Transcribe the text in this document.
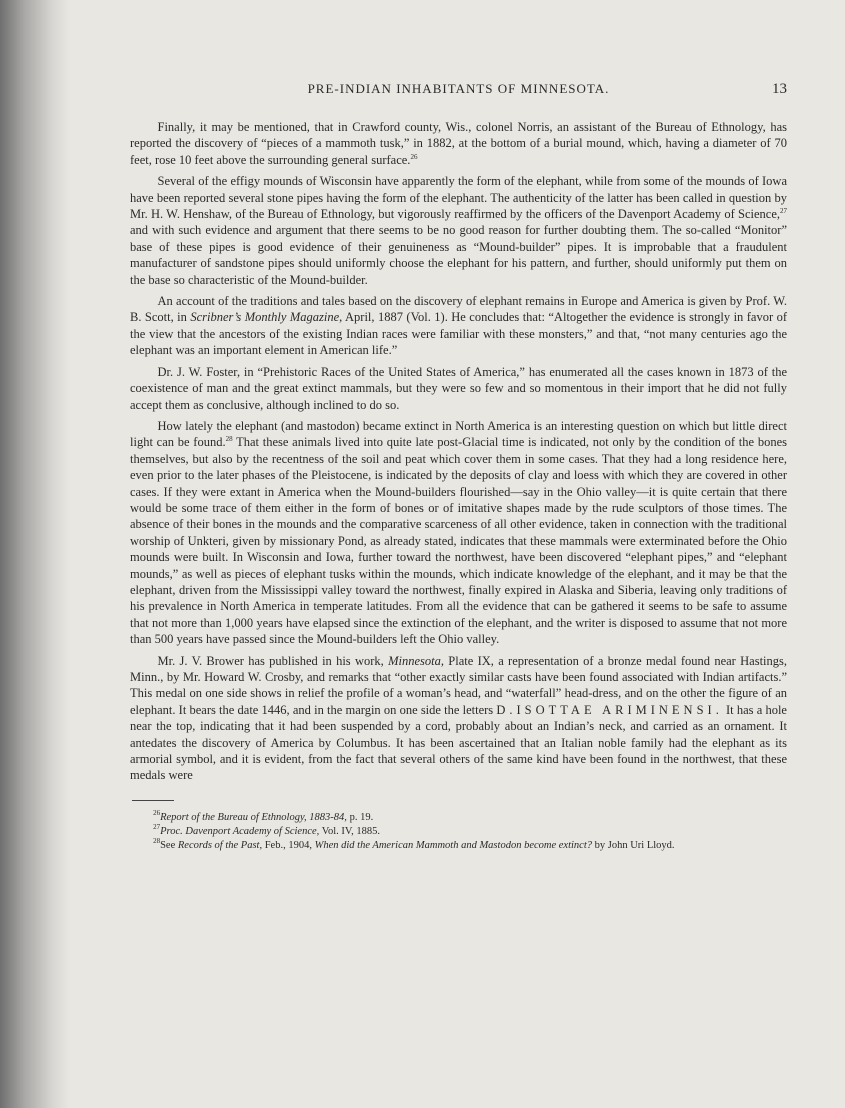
PRE-INDIAN INHABITANTS OF MINNESOTA.	13

Finally, it may be mentioned, that in Crawford county, Wis., colonel Norris, an assistant of the Bureau of Ethnology, has reported the discovery of “pieces of a mammoth tusk,” in 1882, at the bottom of a burial mound, which, having a diameter of 70 feet, rose 10 feet above the surrounding general surface.$^{26}$

Several of the effigy mounds of Wisconsin have apparently the form of the elephant, while from some of the mounds of Iowa have been reported several stone pipes having the form of the elephant. The authenticity of the latter has been called in question by Mr. H. W. Henshaw, of the Bureau of Ethnology, but vigorously reaffirmed by the officers of the Davenport Academy of Science,$^{27}$ and with such evidence and argument that there seems to be no good reason for further doubting them. The so-called “Monitor” base of these pipes is good evidence of their genuineness as “Mound-builder” pipes. It is improbable that a fraudulent manufacturer of sandstone pipes should uniformly choose the elephant for his pattern, and further, should uniformly put them on the base so characteristic of the Mound-builder.

An account of the traditions and tales based on the discovery of elephant remains in Europe and America is given by Prof. W. B. Scott, in Scribner’s Monthly Magazine, April, 1887 (Vol. 1). He concludes that: “Altogether the evidence is strongly in favor of the view that the ancestors of the existing Indian races were familiar with these monsters,” and that, “not many centuries ago the elephant was an important element in American life.”

Dr. J. W. Foster, in “Prehistoric Races of the United States of America,” has enumerated all the cases known in 1873 of the coexistence of man and the great extinct mammals, but they were so few and so momentous in their import that he did not fully accept them as conclusive, although inclined to do so.

How lately the elephant (and mastodon) became extinct in North America is an interesting question on which but little direct light can be found.$^{28}$ That these animals lived into quite late post-Glacial time is indicated, not only by the condition of the bones themselves, but also by the recentness of the soil and peat which cover them in some cases. That they had a long residence here, even prior to the later phases of the Pleistocene, is indicated by the deposits of clay and loess with which they are covered in other cases. If they were extant in America when the Mound-builders flourished—say in the Ohio valley—it is quite certain that there would be some trace of them either in the form of bones or of imitative shapes made by the rude sculptors of those times. The absence of their bones in the mounds and the comparative scarceness of all other evidence, taken in connection with the traditional worship of Unkteri, given by missionary Pond, as already stated, indicates that these mammals were exterminated before the Ohio mounds were built. In Wisconsin and Iowa, further toward the northwest, have been discovered “elephant pipes,” and “elephant mounds,” as well as pieces of elephant tusks within the mounds, which indicate knowledge of the elephant, and it may be that the elephant, driven from the Mississippi valley toward the northwest, finally expired in Alaska and Siberia, leaving only traditions of his prevalence in North America in temperate latitudes. From all the evidence that can be gathered it seems to be safe to assume that not more than 1,000 years have elapsed since the extinction of the elephant, and the writer is disposed to assume that not more than 500 years have passed since the Mound-builders left the Ohio valley.

Mr. J. V. Brower has published in his work, Minnesota, Plate IX, a representation of a bronze medal found near Hastings, Minn., by Mr. Howard W. Crosby, and remarks that “other exactly similar casts have been found associated with Indian artifacts.” This medal on one side shows in relief the profile of a woman’s head, and “waterfall” head-dress, and on the other the figure of an elephant. It bears the date 1446, and in the margin on one side the letters D.ISOTTAE ARIMINENSI. It has a hole near the top, indicating that it had been suspended by a cord, probably about an Indian’s neck, and carried as an ornament. It antedates the discovery of America by Columbus. It has been ascertained that an Italian noble family had the elephant as its armorial symbol, and it is evident, from the fact that several others of the same kind have been found in the northwest, that these medals were

$^{26}$Report of the Bureau of Ethnology, 1883-84, p. 19.

$^{27}$Proc. Davenport Academy of Science, Vol. IV, 1885.

$^{28}$See Records of the Past, Feb., 1904, When did the American Mammoth and Mastodon become extinct? by John Uri Lloyd.
